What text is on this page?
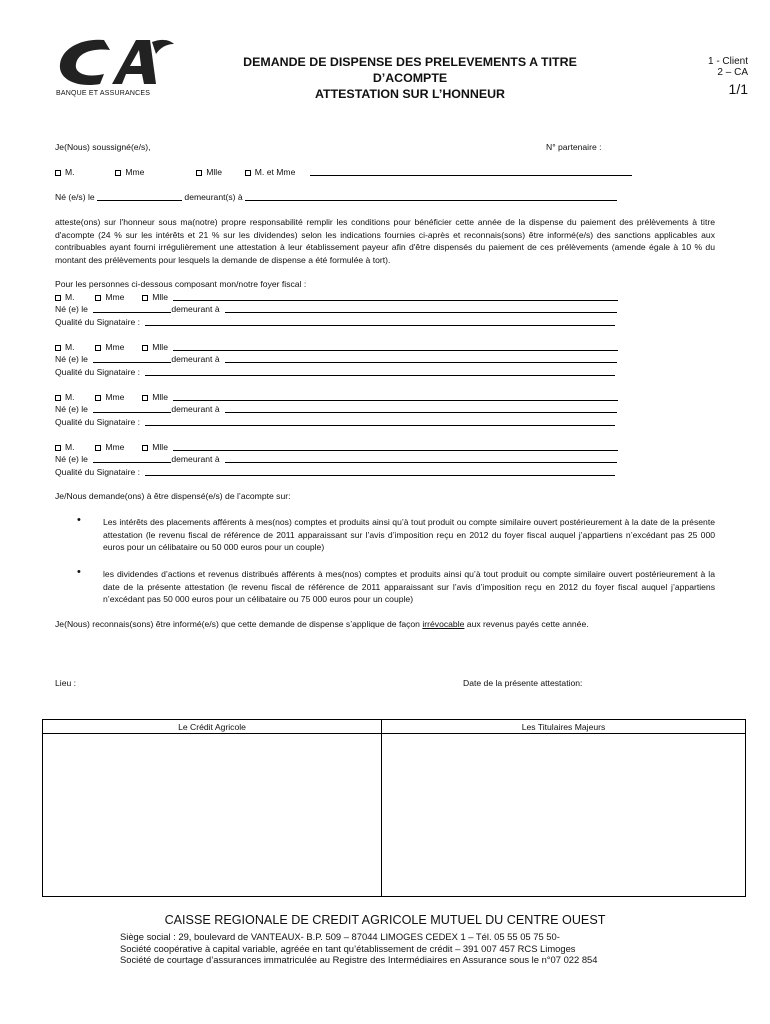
BANQUE ET ASSURANCES
DEMANDE DE DISPENSE DES PRELEVEMENTS A TITRE
D’ACOMPTE
ATTESTATION SUR L’HONNEUR
1 - Client
2 – CA
1/1
Je(Nous) soussigné(e/s),	N° partenaire :
M.	Mme	Mlle	M. et Mme
Né (e/s) le	demeurant(s) à
atteste(ons) sur l'honneur sous ma(notre) propre responsabilité remplir les conditions pour bénéficier cette année de la dispense du paiement des prélèvements à titre d'acompte (24 % sur les intérêts et 21 % sur les dividendes) selon les indications fournies ci-après et reconnais(sons) être informé(e/s) des sanctions applicables aux contribuables ayant fourni irrégulièrement une attestation à leur établissement payeur afin d'être dispensés du paiement de ces prélèvements (amende égale à 10 % du montant des prélèvements pour lesquels la demande de dispense a été formulée à tort).
Pour les personnes ci-dessous composant mon/notre foyer fiscal :
M.	Mme	Mlle
Né (e) le	demeurant à
Qualité du Signataire :
M.	Mme	Mlle
Né (e) le	demeurant à
Qualité du Signataire :
M.	Mme	Mlle
Né (e) le	demeurant à
Qualité du Signataire :
M.	Mme	Mlle
Né (e) le	demeurant à
Qualité du Signataire :
Je/Nous demande(ons) à être dispensé(e/s) de l’acompte sur:
•	Les intérêts des placements afférents à mes(nos) comptes et produits ainsi qu’à tout produit ou compte similaire ouvert postérieurement à la date de la présente attestation (le revenu fiscal de référence de 2011 apparaissant sur l’avis d’imposition reçu en 2012 du foyer fiscal auquel j’appartiens n’excédant pas 25 000 euros pour un célibataire ou 50 000 euros pour un couple)
•	les dividendes d’actions et revenus distribués afférents à mes(nos) comptes et produits ainsi qu’à tout produit ou compte similaire ouvert postérieurement à la date de la présente attestation (le revenu fiscal de référence de 2011 apparaissant sur l’avis d’imposition reçu en 2012 du foyer fiscal auquel j’appartiens n’excédant pas 50 000 euros pour un célibataire ou 75 000 euros pour un couple)
Je(Nous) reconnais(sons) être informé(e/s) que cette demande de dispense s’applique de façon irrévocable aux revenus payés cette année.
Lieu :	Date de la présente attestation:
Le Crédit Agricole	Les Titulaires Majeurs
CAISSE REGIONALE DE CREDIT AGRICOLE MUTUEL DU CENTRE OUEST
Siège social : 29, boulevard de VANTEAUX- B.P. 509 – 87044 LIMOGES CEDEX 1 – Tél. 05 55 05 75 50-
Société coopérative à capital variable, agréée en tant qu’établissement de crédit – 391 007 457 RCS Limoges
Société de courtage d’assurances immatriculée au Registre des Intermédiaires en Assurance sous le n°07 022 854
